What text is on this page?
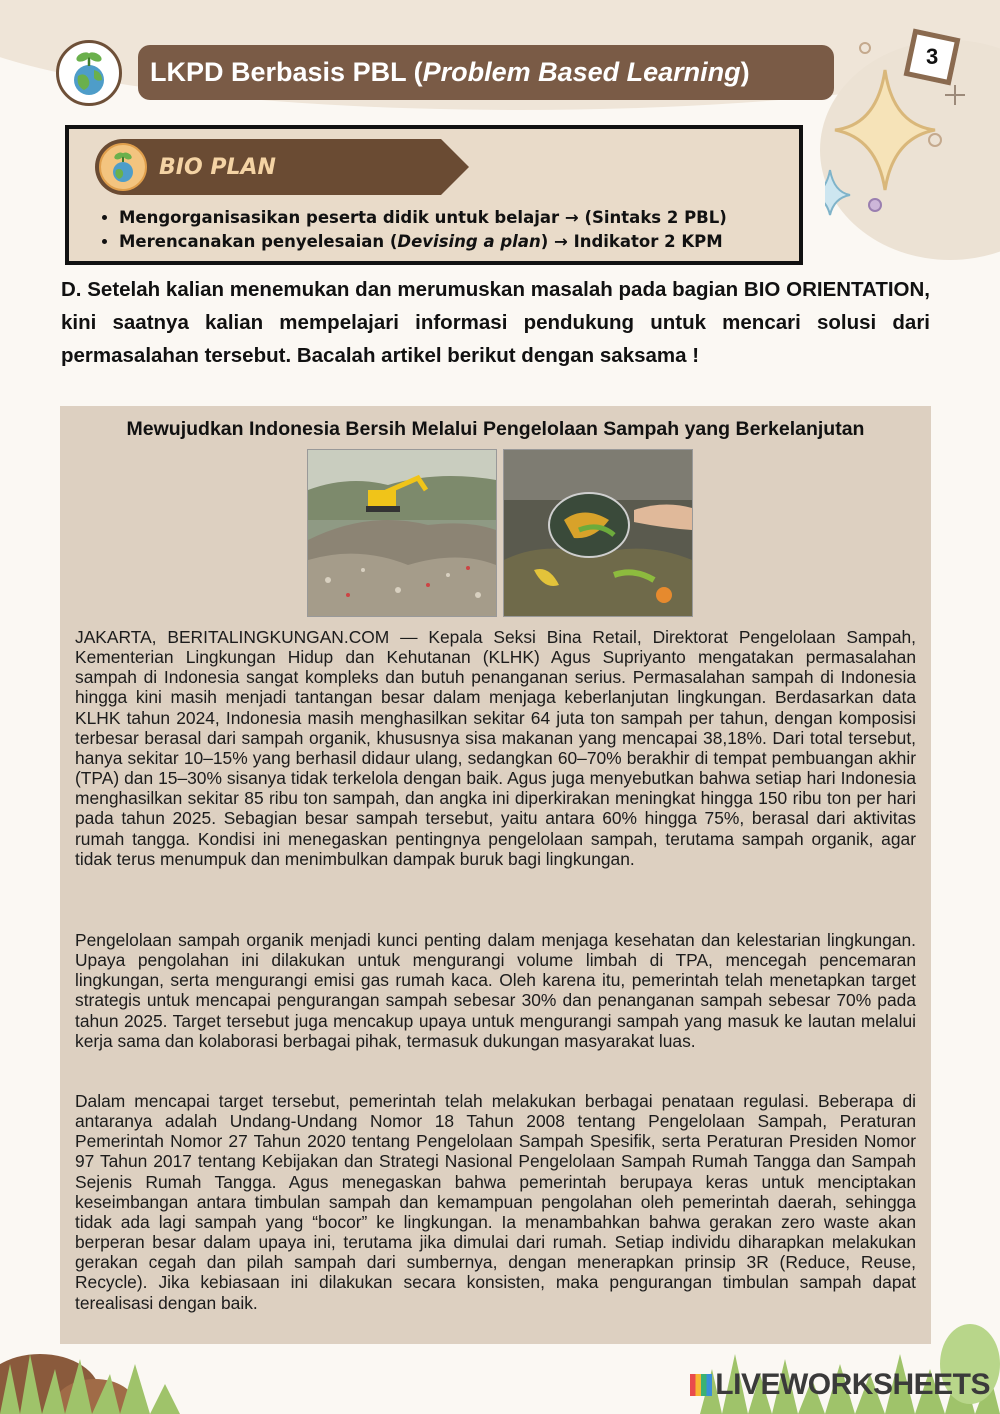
LKPD Berbasis PBL ( Problem Based Learning )
3
BIO PLAN
• Mengorganisasikan peserta didik untuk belajar → (Sintaks 2 PBL)
• Merencanakan penyelesaian (Devising a plan) → Indikator 2 KPM
D. Setelah kalian menemukan dan merumuskan masalah pada bagian BIO ORIENTATION, kini saatnya kalian mempelajari informasi pendukung untuk mencari solusi dari permasalahan tersebut. Bacalah artikel berikut dengan saksama !
Mewujudkan Indonesia Bersih Melalui Pengelolaan Sampah yang Berkelanjutan

JAKARTA, BERITALINGKUNGAN.COM — Kepala Seksi Bina Retail, Direktorat Pengelolaan Sampah, Kementerian Lingkungan Hidup dan Kehutanan (KLHK) Agus Supriyanto mengatakan permasalahan sampah di Indonesia sangat kompleks dan butuh penanganan serius. Permasalahan sampah di Indonesia hingga kini masih menjadi tantangan besar dalam menjaga keberlanjutan lingkungan. Berdasarkan data KLHK tahun 2024, Indonesia masih menghasilkan sekitar 64 juta ton sampah per tahun, dengan komposisi terbesar berasal dari sampah organik, khususnya sisa makanan yang mencapai 38,18%. Dari total tersebut, hanya sekitar 10–15% yang berhasil didaur ulang, sedangkan 60–70% berakhir di tempat pembuangan akhir (TPA) dan 15–30% sisanya tidak terkelola dengan baik. Agus juga menyebutkan bahwa setiap hari Indonesia menghasilkan sekitar 85 ribu ton sampah, dan angka ini diperkirakan meningkat hingga 150 ribu ton per hari pada tahun 2025. Sebagian besar sampah tersebut, yaitu antara 60% hingga 75%, berasal dari aktivitas rumah tangga. Kondisi ini menegaskan pentingnya pengelolaan sampah, terutama sampah organik, agar tidak terus menumpuk dan menimbulkan dampak buruk bagi lingkungan.

Pengelolaan sampah organik menjadi kunci penting dalam menjaga kesehatan dan kelestarian lingkungan. Upaya pengolahan ini dilakukan untuk mengurangi volume limbah di TPA, mencegah pencemaran lingkungan, serta mengurangi emisi gas rumah kaca. Oleh karena itu, pemerintah telah menetapkan target strategis untuk mencapai pengurangan sampah sebesar 30% dan penanganan sampah sebesar 70% pada tahun 2025. Target tersebut juga mencakup upaya untuk mengurangi sampah yang masuk ke lautan melalui kerja sama dan kolaborasi berbagai pihak, termasuk dukungan masyarakat luas.

Dalam mencapai target tersebut, pemerintah telah melakukan berbagai penataan regulasi. Beberapa di antaranya adalah Undang-Undang Nomor 18 Tahun 2008 tentang Pengelolaan Sampah, Peraturan Pemerintah Nomor 27 Tahun 2020 tentang Pengelolaan Sampah Spesifik, serta Peraturan Presiden Nomor 97 Tahun 2017 tentang Kebijakan dan Strategi Nasional Pengelolaan Sampah Rumah Tangga dan Sampah Sejenis Rumah Tangga. Agus menegaskan bahwa pemerintah berupaya keras untuk menciptakan keseimbangan antara timbulan sampah dan kemampuan pengolahan oleh pemerintah daerah, sehingga tidak ada lagi sampah yang “bocor” ke lingkungan. Ia menambahkan bahwa gerakan zero waste akan berperan besar dalam upaya ini, terutama jika dimulai dari rumah. Setiap individu diharapkan melakukan gerakan cegah dan pilah sampah dari sumbernya, dengan menerapkan prinsip 3R (Reduce, Reuse, Recycle). Jika kebiasaan ini dilakukan secara konsisten, maka pengurangan timbulan sampah dapat terealisasi dengan baik.

LIVEWORKSHEETS
